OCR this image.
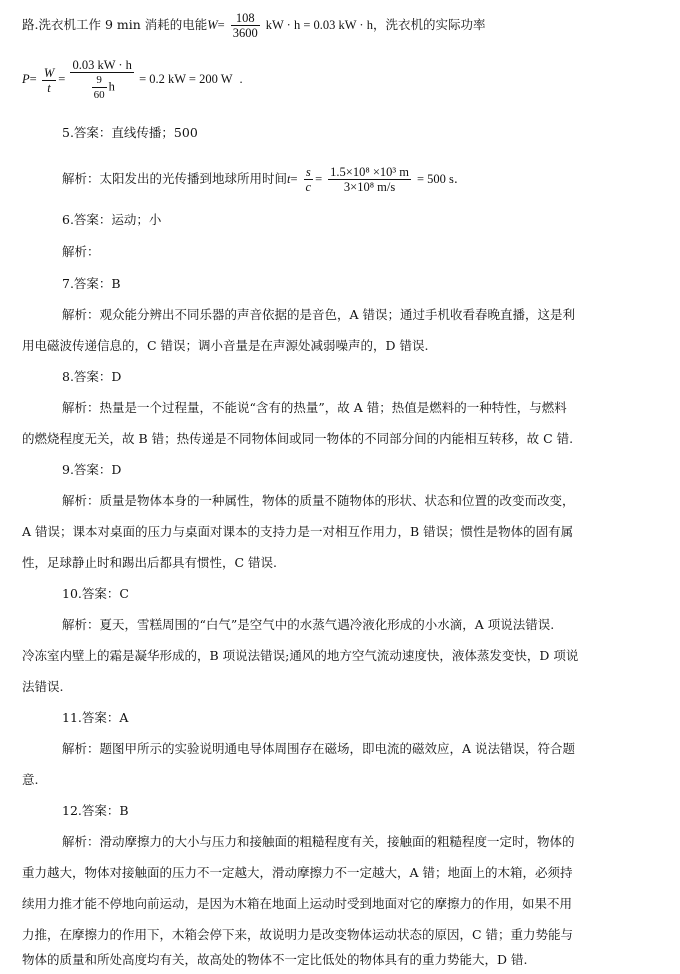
路.洗衣机工作 9 min 消耗的电能$W= \frac{108}{3600}$ kW · h = 0.03 kW · h，洗衣机的实际功率
$P= \frac{W}{t} = \frac{0.03 kW \cdot h}{\frac{9}{60} h} = 0.2$ kW = 200 W .
5.答案：直线传播；500
解析：太阳发出的光传播到地球所用时间$t= \frac{s}{c} = \frac{\text{1.5×10⁸ ×10³ m}}{\text{3×10⁸ m/s}} = 500$ s.
6.答案：运动；小
解析：
7.答案：B
解析：观众能分辨出不同乐器的声音依据的是音色，A 错误；通过手机收看春晚直播，这是利
用电磁波传递信息的，C 错误；调小音量是在声源处减弱噪声的，D 错误.
8.答案：D
解析：热量是一个过程量，不能说“含有的热量”，故 A 错；热值是燃料的一种特性，与燃料
的燃烧程度无关，故 B 错；热传递是不同物体间或同一物体的不同部分间的内能相互转移，故 C 错.
9.答案：D
解析：质量是物体本身的一种属性，物体的质量不随物体的形状、状态和位置的改变而改变，
A 错误；课本对桌面的压力与桌面对课本的支持力是一对相互作用力，B 错误；惯性是物体的固有属
性，足球静止时和踢出后都具有惯性，C 错误.
10.答案：C
解析：夏天，雪糕周围的“白气”是空气中的水蒸气遇冷液化形成的小水滴，A 项说法错误.
冷冻室内壁上的霜是凝华形成的，B 项说法错误;通风的地方空气流动速度快，液体蒸发变快，D 项说
法错误.
11.答案：A
解析：题图甲所示的实验说明通电导体周围存在磁场，即电流的磁效应，A 说法错误，符合题
意.
12.答案：B
解析：滑动摩擦力的大小与压力和接触面的粗糙程度有关，接触面的粗糙程度一定时，物体的
重力越大，物体对接触面的压力不一定越大，滑动摩擦力不一定越大，A 错；地面上的木箱，必须持
续用力推才能不停地向前运动，是因为木箱在地面上运动时受到地面对它的摩擦力的作用，如果不用
力推，在摩擦力的作用下，木箱会停下来，故说明力是改变物体运动状态的原因，C 错；重力势能与
物体的质量和所处高度均有关，故高处的物体不一定比低处的物体具有的重力势能大，D 错.
